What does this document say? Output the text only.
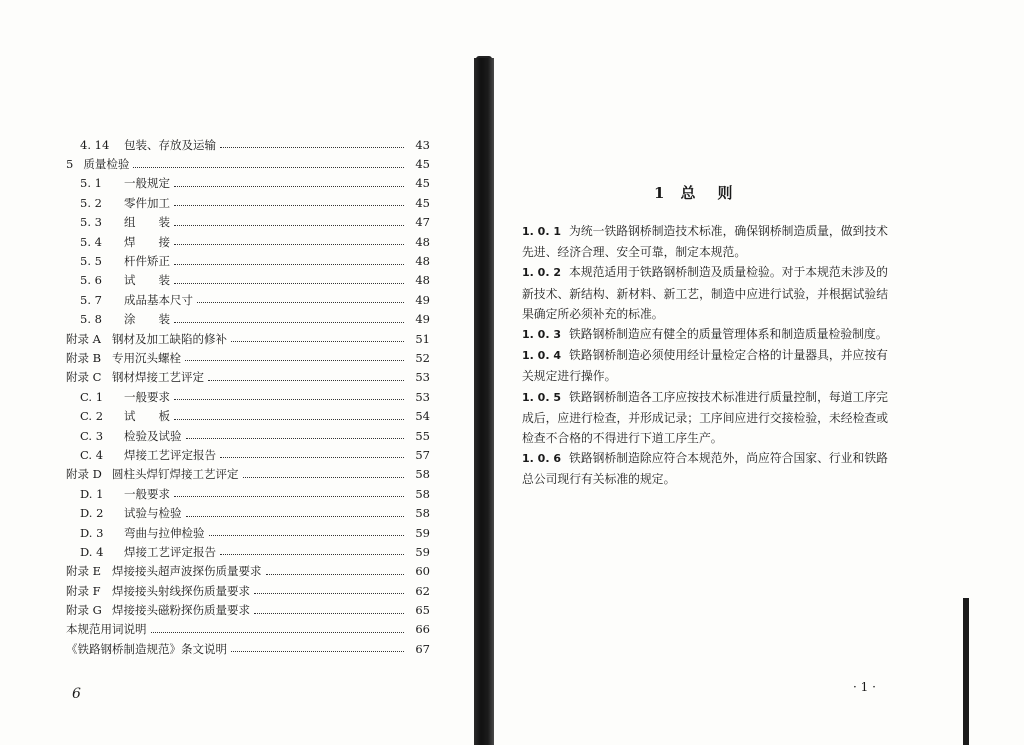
4. 14	包装、存放及运输	43
5 质量检验	45
5. 1	一般规定	45
5. 2	零件加工	45
5. 3	组　　装	47
5. 4	焊　　接	48
5. 5	杆件矫正	48
5. 6	试　　装	48
5. 7	成品基本尺寸	49
5. 8	涂　　装	49
附录 A 钢材及加工缺陷的修补	51
附录 B 专用沉头螺栓	52
附录 C 钢材焊接工艺评定	53
C. 1	一般要求	53
C. 2	试　　板	54
C. 3	检验及试验	55
C. 4	焊接工艺评定报告	57
附录 D 圆柱头焊钉焊接工艺评定	58
D. 1	一般要求	58
D. 2	试验与检验	58
D. 3	弯曲与拉伸检验	59
D. 4	焊接工艺评定报告	59
附录 E 焊接接头超声波探伤质量要求	60
附录 F 焊接接头射线探伤质量要求	62
附录 G 焊接接头磁粉探伤质量要求	65
本规范用词说明	66
《铁路钢桥制造规范》条文说明	67
6
1 总则
1. 0. 1 为统一铁路钢桥制造技术标准，确保钢桥制造质量，做到技术先进、经济合理、安全可靠，制定本规范。
1. 0. 2 本规范适用于铁路钢桥制造及质量检验。对于本规范未涉及的新技术、新结构、新材料、新工艺，制造中应进行试验，并根据试验结果确定所必须补充的标准。
1. 0. 3 铁路钢桥制造应有健全的质量管理体系和制造质量检验制度。
1. 0. 4 铁路钢桥制造必须使用经计量检定合格的计量器具，并应按有关规定进行操作。
1. 0. 5 铁路钢桥制造各工序应按技术标准进行质量控制，每道工序完成后，应进行检查，并形成记录；工序间应进行交接检验，未经检查或检查不合格的不得进行下道工序生产。
1. 0. 6 铁路钢桥制造除应符合本规范外，尚应符合国家、行业和铁路总公司现行有关标准的规定。
· 1 ·
